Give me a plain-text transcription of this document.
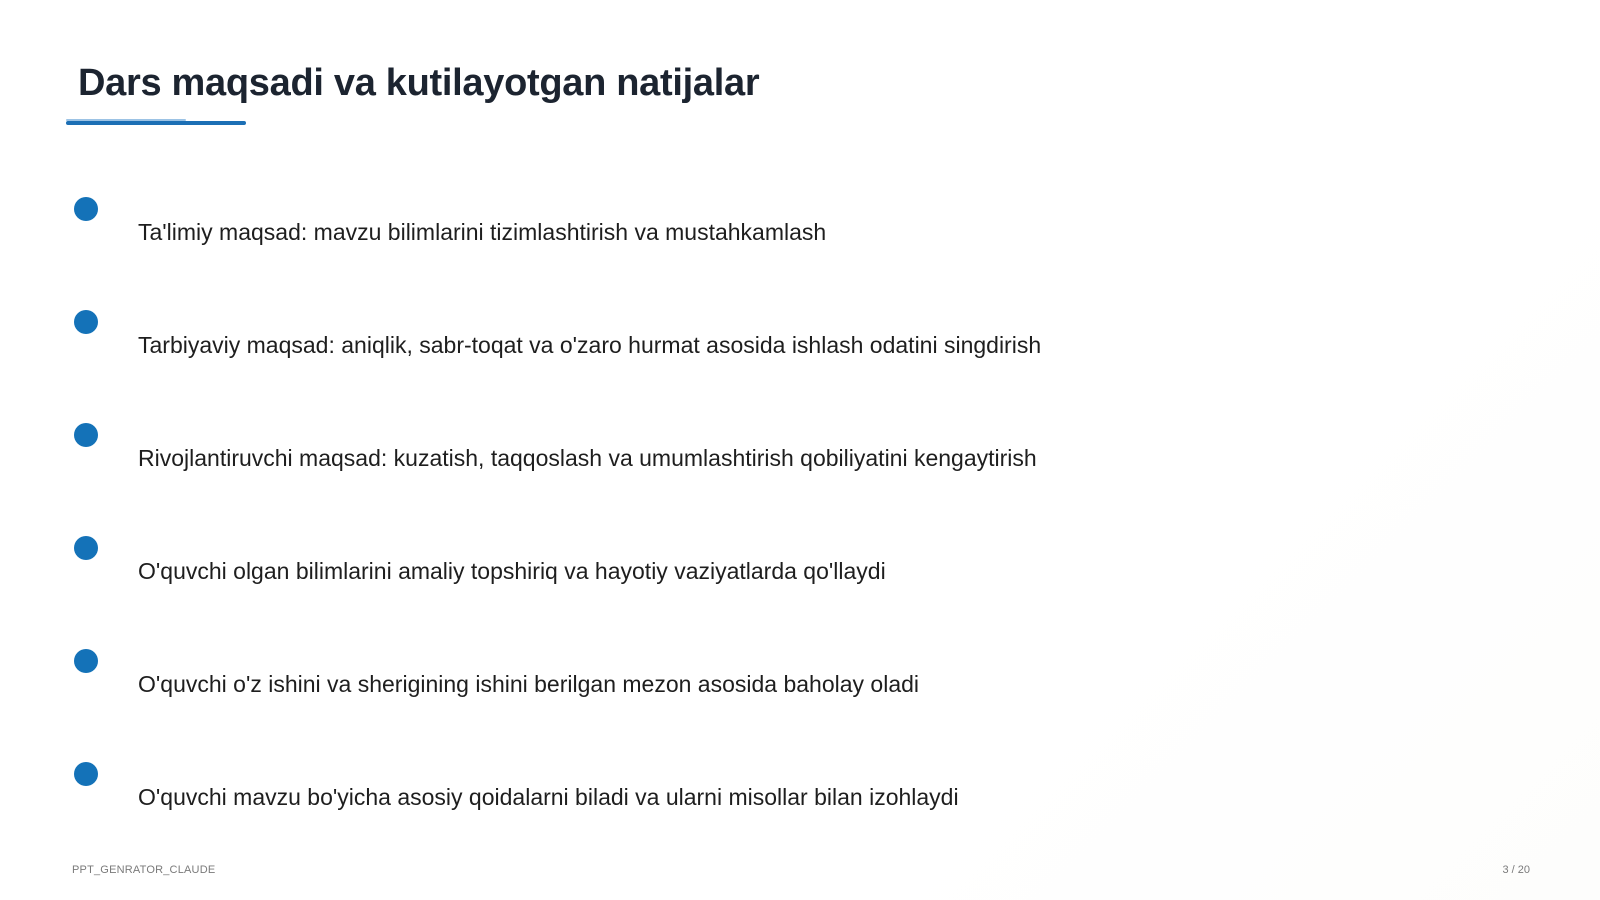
Dars maqsadi va kutilayotgan natijalar
Ta'limiy maqsad: mavzu bilimlarini tizimlashtirish va mustahkamlash
Tarbiyaviy maqsad: aniqlik, sabr-toqat va o'zaro hurmat asosida ishlash odatini singdirish
Rivojlantiruvchi maqsad: kuzatish, taqqoslash va umumlashtirish qobiliyatini kengaytirish
O'quvchi olgan bilimlarini amaliy topshiriq va hayotiy vaziyatlarda qo'llaydi
O'quvchi o'z ishini va sherigining ishini berilgan mezon asosida baholay oladi
O'quvchi mavzu bo'yicha asosiy qoidalarni biladi va ularni misollar bilan izohlaydi
PPT_GENRATOR_CLAUDE	3 / 20
